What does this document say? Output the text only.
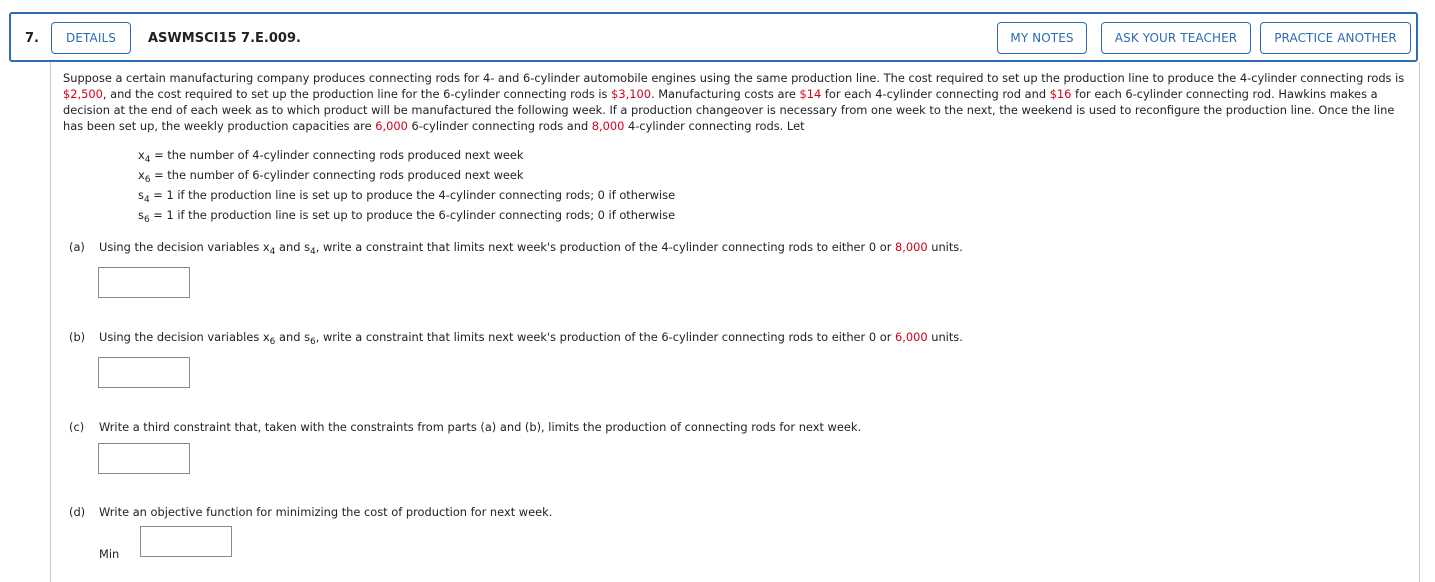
7.	DETAILS	ASWMSCI15 7.E.009.	MY NOTES	ASK YOUR TEACHER	PRACTICE ANOTHER
Suppose a certain manufacturing company produces connecting rods for 4- and 6-cylinder automobile engines using the same production line. The cost required to set up the production line to produce the 4-cylinder connecting rods is $2,500, and the cost required to set up the production line for the 6-cylinder connecting rods is $3,100. Manufacturing costs are $14 for each 4-cylinder connecting rod and $16 for each 6-cylinder connecting rod. Hawkins makes a decision at the end of each week as to which product will be manufactured the following week. If a production changeover is necessary from one week to the next, the weekend is used to reconfigure the production line. Once the line has been set up, the weekly production capacities are 6,000 6-cylinder connecting rods and 8,000 4-cylinder connecting rods. Let
$x_4$ = the number of 4-cylinder connecting rods produced next week
$x_6$ = the number of 6-cylinder connecting rods produced next week
$s_4 = 1$ if the production line is set up to produce the 4-cylinder connecting rods; 0 if otherwise
$s_6 = 1$ if the production line is set up to produce the 6-cylinder connecting rods; 0 if otherwise
(a) Using the decision variables $x_4$ and $s_4$, write a constraint that limits next week's production of the 4-cylinder connecting rods to either 0 or 8,000 units.
(b) Using the decision variables $x_6$ and $s_6$, write a constraint that limits next week's production of the 6-cylinder connecting rods to either 0 or 6,000 units.
(c) Write a third constraint that, taken with the constraints from parts (a) and (b), limits the production of connecting rods for next week.
(d) Write an objective function for minimizing the cost of production for next week.
Min
